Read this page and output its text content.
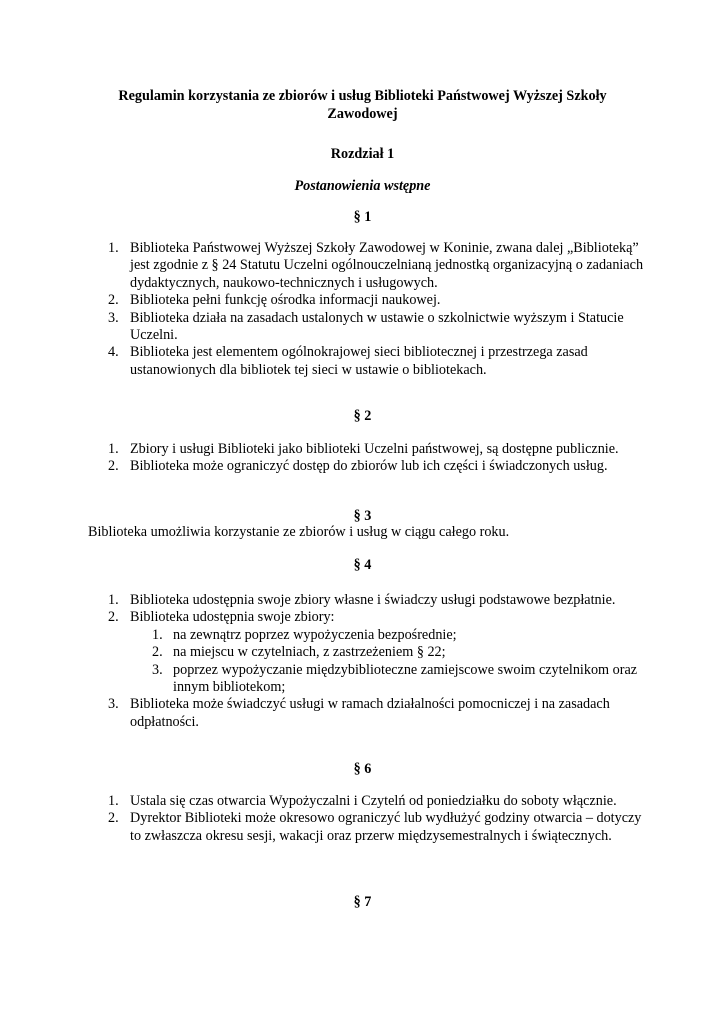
Regulamin korzystania ze zbiorów i usług Biblioteki Państwowej Wyższej Szkoły Zawodowej
Rozdział 1
Postanowienia wstępne
§ 1
1. Biblioteka Państwowej Wyższej Szkoły Zawodowej w Koninie, zwana dalej „Biblioteką” jest zgodnie z § 24 Statutu Uczelni ogólnouczelnianą jednostką organizacyjną o zadaniach dydaktycznych, naukowo-technicznych i usługowych.
2. Biblioteka pełni funkcję ośrodka informacji naukowej.
3. Biblioteka działa na zasadach ustalonych w ustawie o szkolnictwie wyższym i Statucie Uczelni.
4. Biblioteka jest elementem ogólnokrajowej sieci bibliotecznej i przestrzega zasad ustanowionych dla bibliotek tej sieci w ustawie o bibliotekach.
§ 2
1. Zbiory i usługi Biblioteki jako biblioteki Uczelni państwowej, są dostępne publicznie.
2. Biblioteka może ograniczyć dostęp do zbiorów lub ich części i świadczonych usług.
§ 3
Biblioteka umożliwia korzystanie ze zbiorów i usług w ciągu całego roku.
§ 4
1. Biblioteka udostępnia swoje zbiory własne i świadczy usługi podstawowe bezpłatnie.
2. Biblioteka udostępnia swoje zbiory:
1. na zewnątrz poprzez wypożyczenia bezpośrednie;
2. na miejscu w czytelniach, z zastrzeżeniem § 22;
3. poprzez wypożyczanie międzybiblioteczne zamiejscowe swoim czytelnikom oraz innym bibliotekom;
3. Biblioteka może świadczyć usługi w ramach działalności pomocniczej i na zasadach odpłatności.
§ 6
1. Ustala się czas otwarcia Wypożyczalni i Czytelń od poniedziałku do soboty włącznie.
2. Dyrektor Biblioteki może okresowo ograniczyć lub wydłużyć godziny otwarcia – dotyczy to zwłaszcza okresu sesji, wakacji oraz przerw międzysemestralnych i świątecznych.
§ 7
